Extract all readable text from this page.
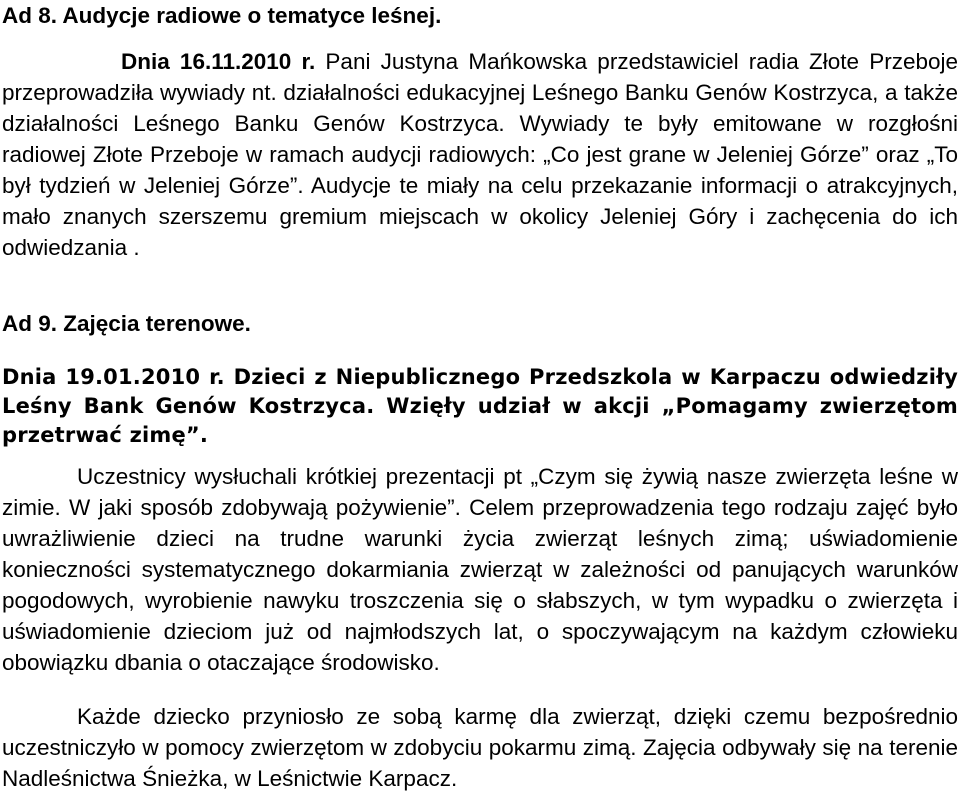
Ad 8. Audycje radiowe o tematyce leśnej.

Dnia 16.11.2010 r. Pani Justyna Mańkowska przedstawiciel radia Złote Przeboje przeprowadziła wywiady nt. działalności edukacyjnej Leśnego Banku Genów Kostrzyca, a także działalności Leśnego Banku Genów Kostrzyca. Wywiady te były emitowane w rozgłośni radiowej Złote Przeboje w ramach audycji radiowych: „Co jest grane w Jeleniej Górze” oraz „To był tydzień w Jeleniej Górze”. Audycje te miały na celu przekazanie informacji o atrakcyjnych, mało znanych szerszemu gremium miejscach w okolicy Jeleniej Góry i zachęcenia do ich odwiedzania .

Ad 9. Zajęcia terenowe.

Dnia 19.01.2010 r. Dzieci z Niepublicznego Przedszkola w Karpaczu odwiedziły Leśny Bank Genów Kostrzyca. Wzięły udział w akcji „Pomagamy zwierzętom przetrwać zimę”.

Uczestnicy wysłuchali krótkiej prezentacji pt „Czym się żywią nasze zwierzęta leśne w zimie. W jaki sposób zdobywają pożywienie”. Celem przeprowadzenia tego rodzaju zajęć było uwrażliwienie dzieci na trudne warunki życia zwierząt leśnych zimą; uświadomienie konieczności systematycznego dokarmiania zwierząt w zależności od panujących warunków pogodowych, wyrobienie nawyku troszczenia się o słabszych, w tym wypadku o zwierzęta i uświadomienie dzieciom już od najmłodszych lat, o spoczywającym na każdym człowieku obowiązku dbania o otaczające środowisko.

Każde dziecko przyniosło ze sobą karmę dla zwierząt, dzięki czemu bezpośrednio uczestniczyło w pomocy zwierzętom w zdobyciu pokarmu zimą. Zajęcia odbywały się na terenie Nadleśnictwa Śnieżka, w Leśnictwie Karpacz.
